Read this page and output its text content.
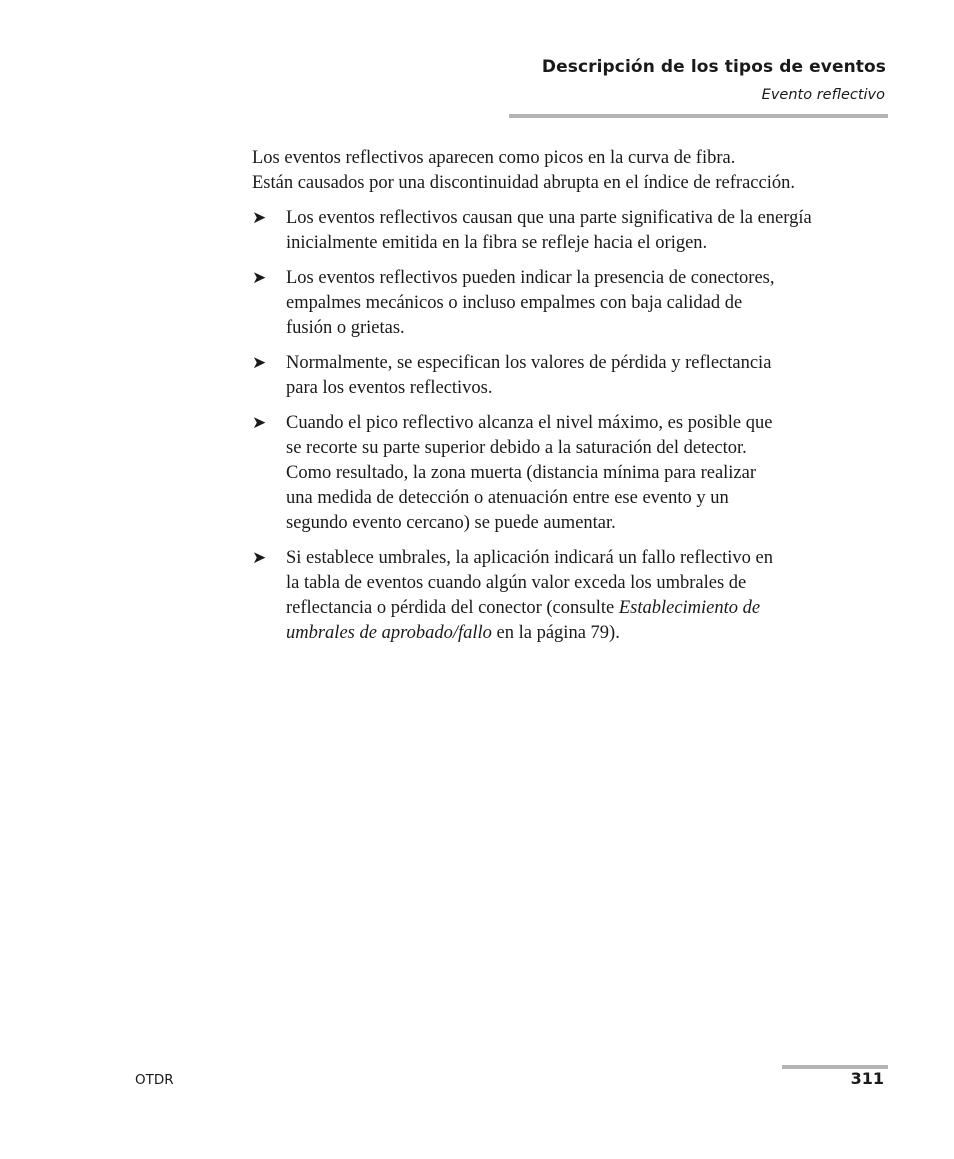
Descripción de los tipos de eventos
Evento reflectivo

Los eventos reflectivos aparecen como picos en la curva de fibra.
Están causados por una discontinuidad abrupta en el índice de refracción.

➤ Los eventos reflectivos causan que una parte significativa de la energía
inicialmente emitida en la fibra se refleje hacia el origen.
➤ Los eventos reflectivos pueden indicar la presencia de conectores,
empalmes mecánicos o incluso empalmes con baja calidad de
fusión o grietas.
➤ Normalmente, se especifican los valores de pérdida y reflectancia
para los eventos reflectivos.
➤ Cuando el pico reflectivo alcanza el nivel máximo, es posible que
se recorte su parte superior debido a la saturación del detector.
Como resultado, la zona muerta (distancia mínima para realizar
una medida de detección o atenuación entre ese evento y un
segundo evento cercano) se puede aumentar.
➤ Si establece umbrales, la aplicación indicará un fallo reflectivo en
la tabla de eventos cuando algún valor exceda los umbrales de
reflectancia o pérdida del conector (consulte Establecimiento de
umbrales de aprobado/fallo en la página 79).
OTDR	311
